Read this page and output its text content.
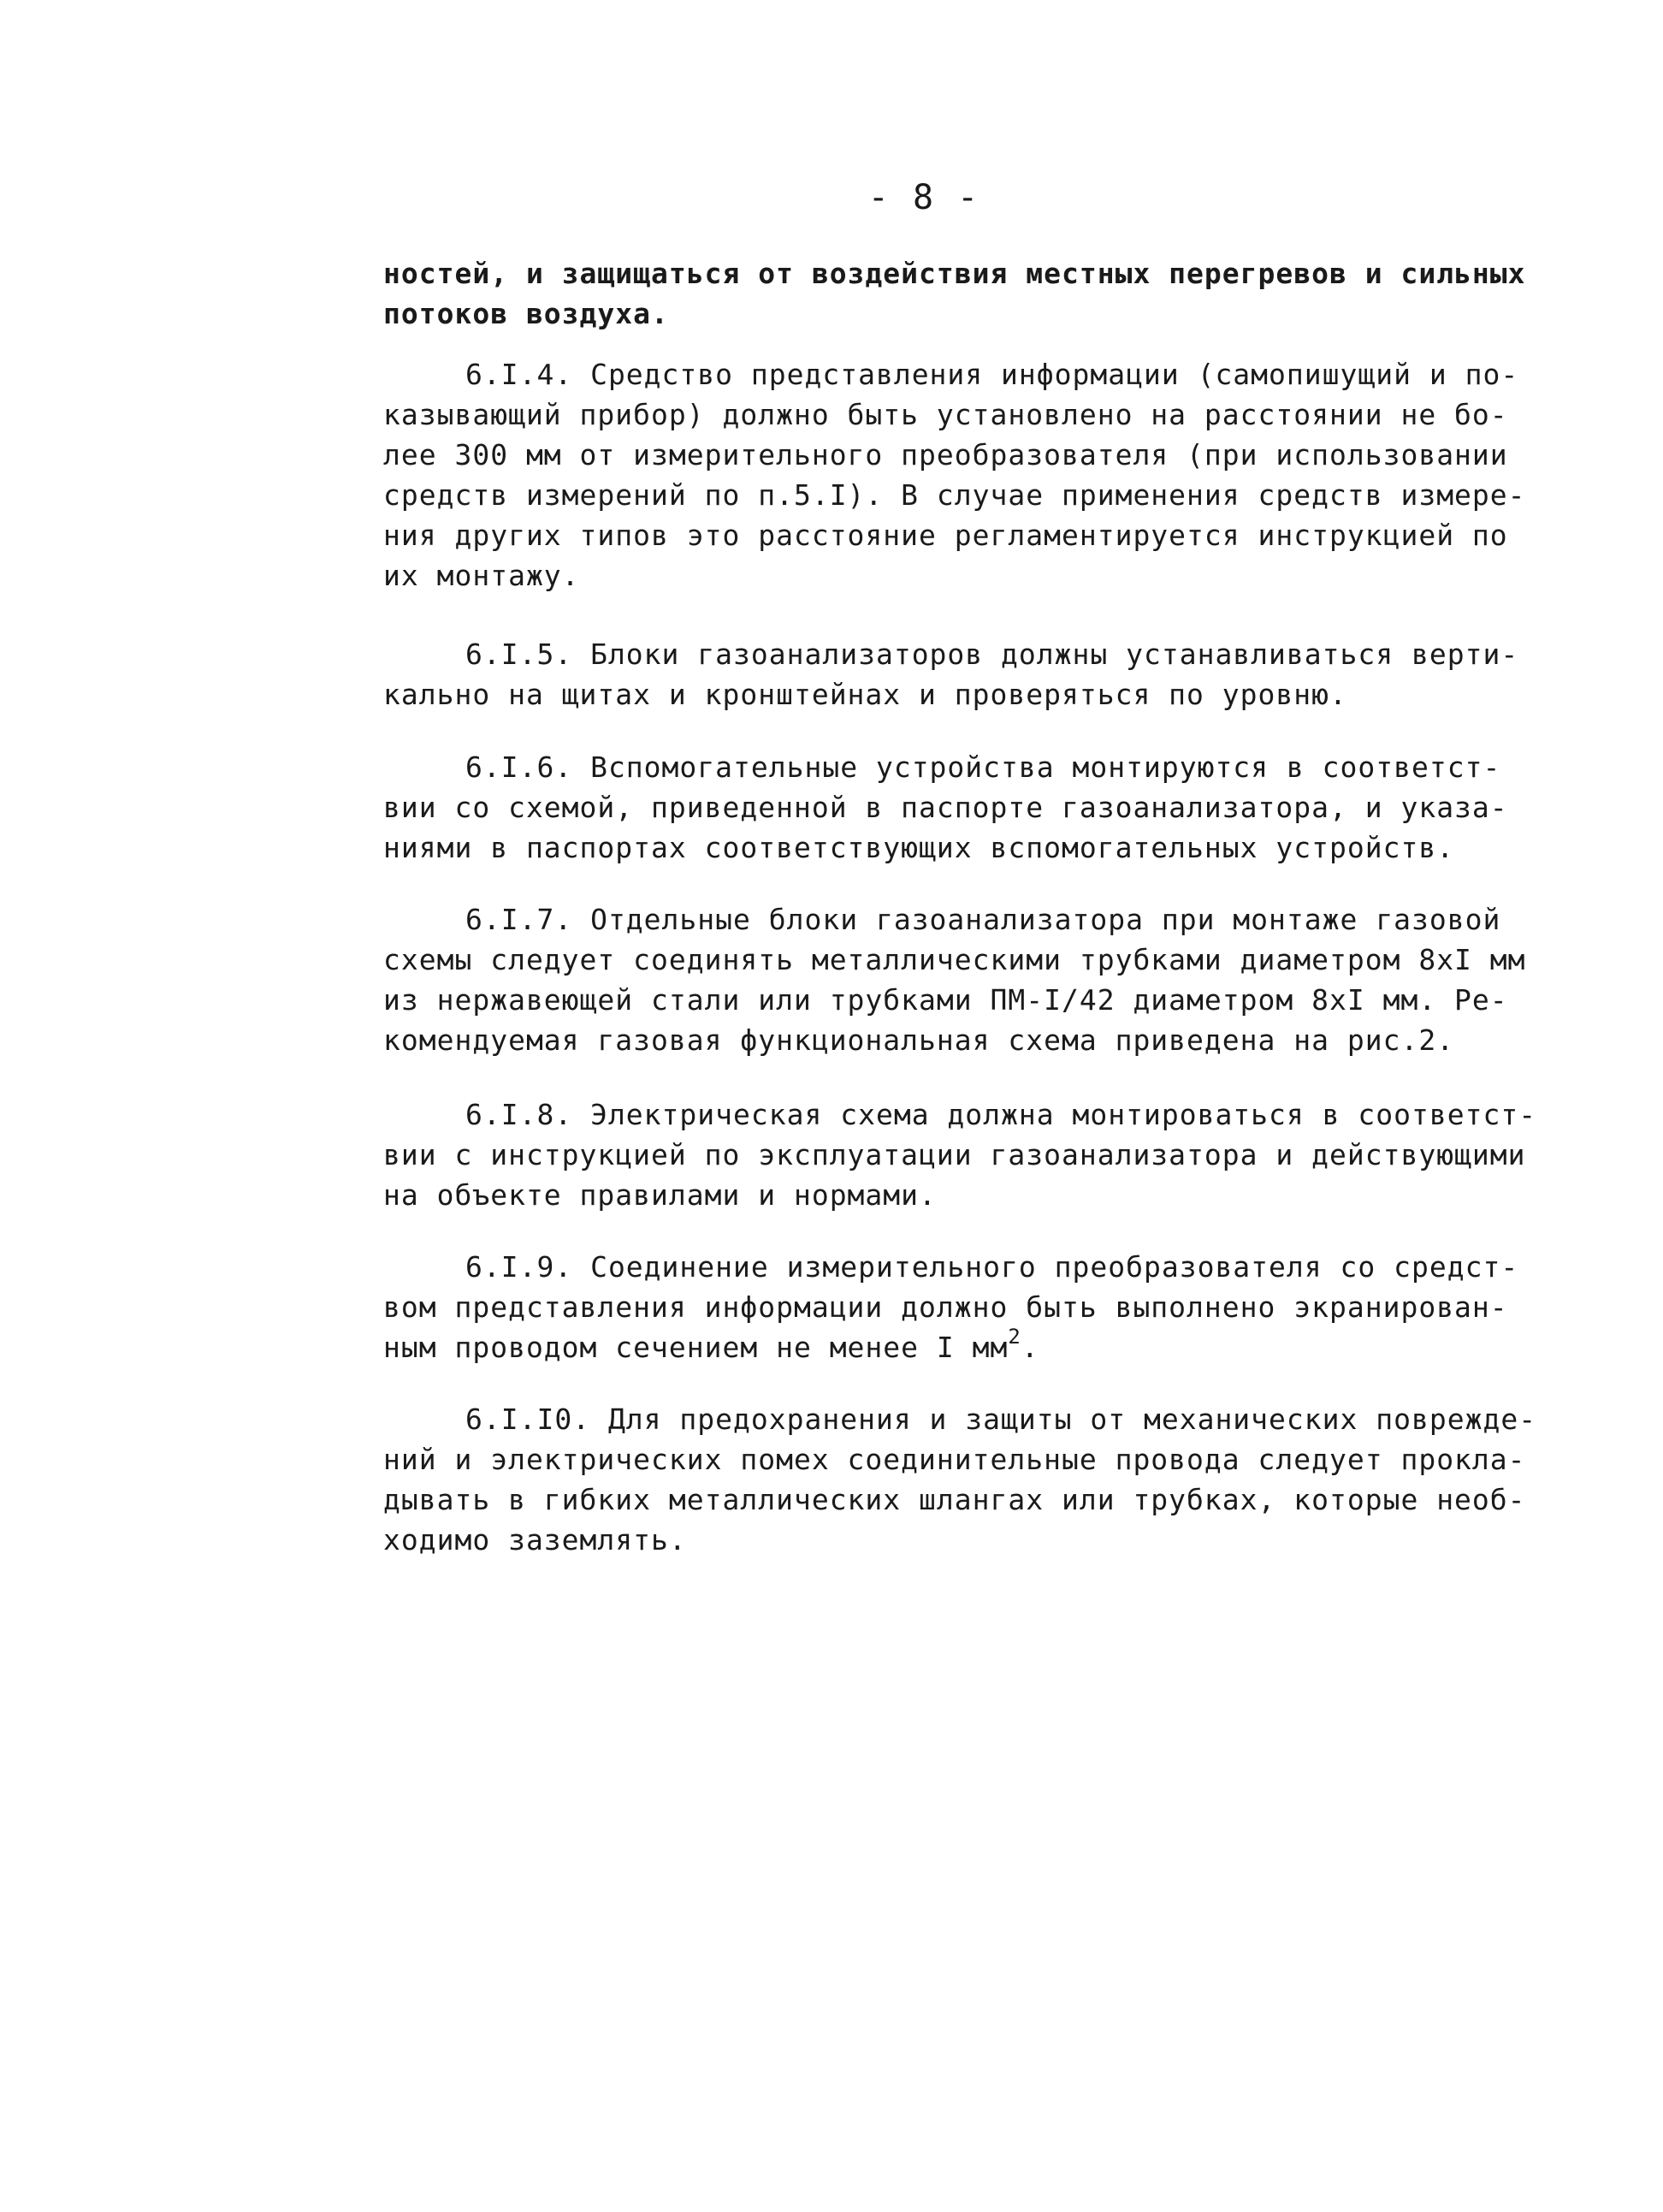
- 8 -
ностей, и защищаться от воздействия местных перегревов и сильных
потоков воздуха.
6.I.4. Средство представления информации (самопишущий и по-
казывающий прибор) должно быть установлено на расстоянии не бо-
лее 300 мм от измерительного преобразователя (при использовании
средств измерений по п.5.I). В случае применения средств измере-
ния других типов это расстояние регламентируется инструкцией по
их монтажу.
6.I.5. Блоки газоанализаторов должны устанавливаться верти-
кально на щитах и кронштейнах и проверяться по уровню.
6.I.6. Вспомогательные устройства монтируются в соответст-
вии со схемой, приведенной в паспорте газоанализатора, и указа-
ниями в паспортах соответствующих вспомогательных устройств.
6.I.7. Отдельные блоки газоанализатора при монтаже газовой
схемы следует соединять металлическими трубками диаметром 8хI мм
из нержавеющей стали или трубками ПМ-I/42 диаметром 8хI мм. Ре-
комендуемая газовая функциональная схема приведена на рис.2.
6.I.8. Электрическая схема должна монтироваться в соответст-
вии с инструкцией по эксплуатации газоанализатора и действующими
на объекте правилами и нормами.
6.I.9. Соединение измерительного преобразователя со средст-
вом представления информации должно быть выполнено экранирован-
ным проводом сечением не менее I $мм^2$.
6.I.I0. Для предохранения и защиты от механических поврежде-
ний и электрических помех соединительные провода следует прокла-
дывать в гибких металлических шлангах или трубках, которые необ-
ходимо заземлять.
